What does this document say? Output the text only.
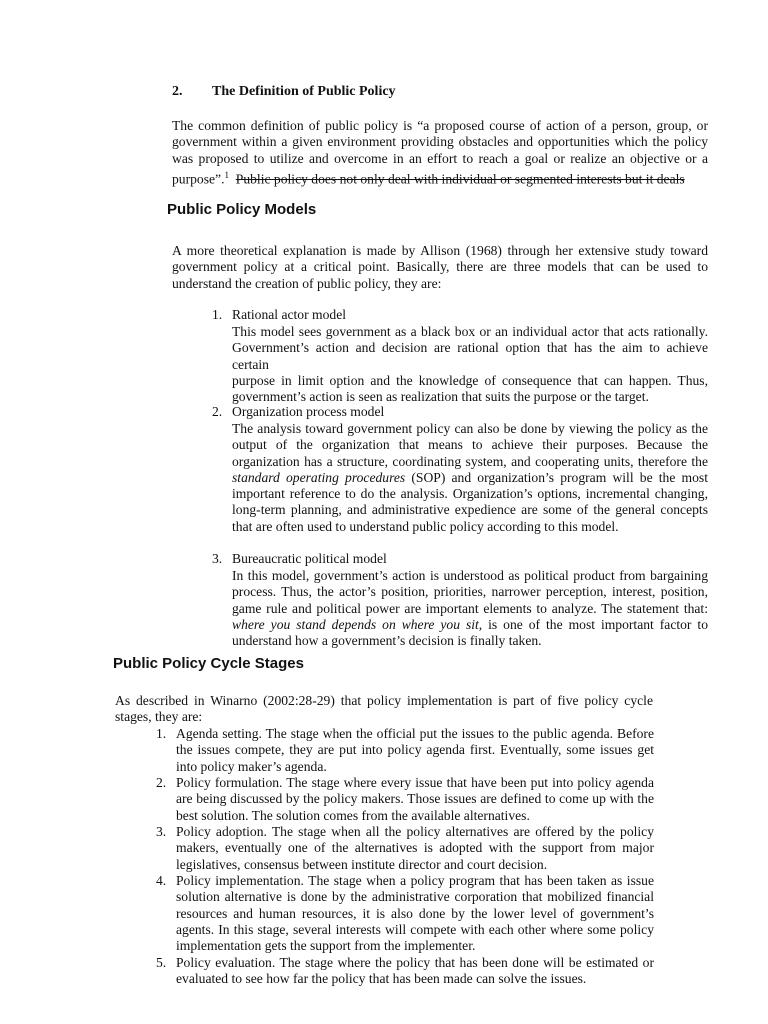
2. The Definition of Public Policy
The common definition of public policy is “a proposed course of action of a person, group, or
government within a given environment providing obstacles and opportunities which the policy
was proposed to utilize and overcome in an effort to reach a goal or realize an objective or a
purpose”.$^1$ Public policy does not only deal with individual or segmented interests but it deals
Public Policy Models
A more theoretical explanation is made by Allison (1968) through her extensive study toward
government policy at a critical point. Basically, there are three models that can be used to
understand the creation of public policy, they are:
1. Rational actor model
This model sees government as a black box or an individual actor that acts rationally.
Government’s action and decision are rational option that has the aim to achieve certain
purpose in limit option and the knowledge of consequence that can happen. Thus,
government’s action is seen as realization that suits the purpose or the target.
2. Organization process model
The analysis toward government policy can also be done by viewing the policy as the
output of the organization that means to achieve their purposes. Because the
organization has a structure, coordinating system, and cooperating units, therefore the
standard operating procedures (SOP) and organization’s program will be the most
important reference to do the analysis. Organization’s options, incremental changing,
long-term planning, and administrative expedience are some of the general concepts
that are often used to understand public policy according to this model.
3. Bureaucratic political model
In this model, government’s action is understood as political product from bargaining
process. Thus, the actor’s position, priorities, narrower perception, interest, position,
game rule and political power are important elements to analyze. The statement that:
where you stand depends on where you sit, is one of the most important factor to
understand how a government’s decision is finally taken.
Public Policy Cycle Stages
As described in Winarno (2002:28-29) that policy implementation is part of five policy cycle
stages, they are:
1. Agenda setting. The stage when the official put the issues to the public agenda. Before
the issues compete, they are put into policy agenda first. Eventually, some issues get
into policy maker’s agenda.
2. Policy formulation. The stage where every issue that have been put into policy agenda
are being discussed by the policy makers. Those issues are defined to come up with the
best solution. The solution comes from the available alternatives.
3. Policy adoption. The stage when all the policy alternatives are offered by the policy
makers, eventually one of the alternatives is adopted with the support from major
legislatives, consensus between institute director and court decision.
4. Policy implementation. The stage when a policy program that has been taken as issue
solution alternative is done by the administrative corporation that mobilized financial
resources and human resources, it is also done by the lower level of government’s
agents. In this stage, several interests will compete with each other where some policy
implementation gets the support from the implementer.
5. Policy evaluation. The stage where the policy that has been done will be estimated or
evaluated to see how far the policy that has been made can solve the issues.
